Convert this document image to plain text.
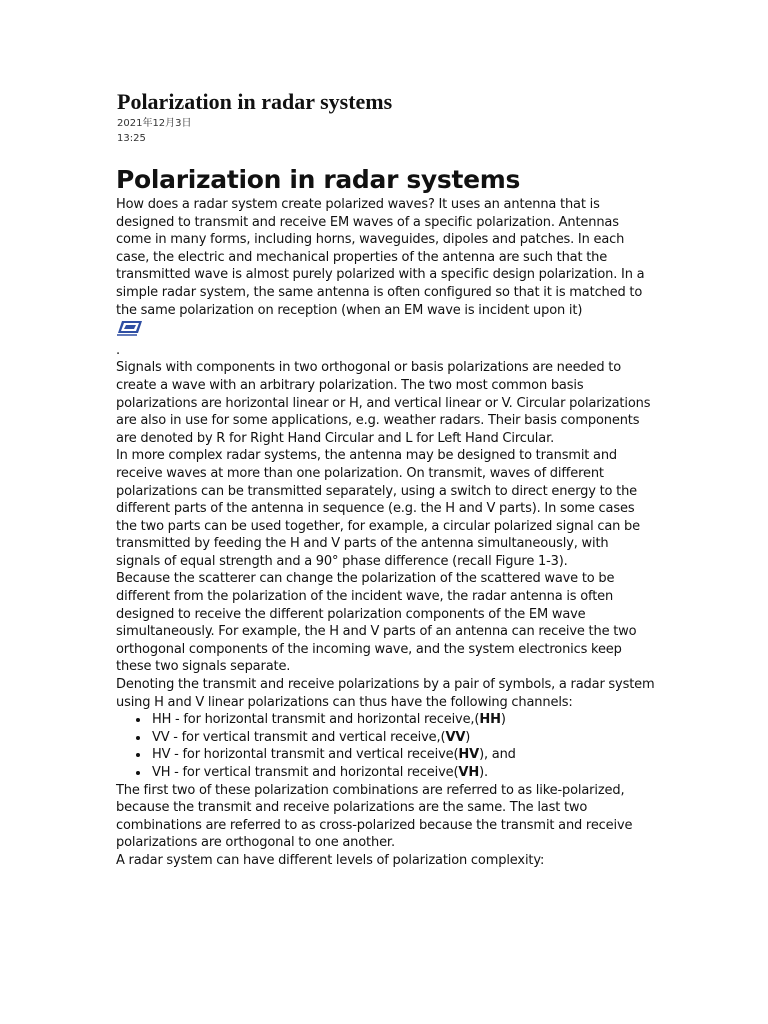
Polarization in radar systems
2021年12月3日
13:25
Polarization in radar systems

How does a radar system create polarized waves? It uses an antenna that is designed to transmit and receive EM waves of a specific polarization. Antennas come in many forms, including horns, waveguides, dipoles and patches. In each case, the electric and mechanical properties of the antenna are such that the transmitted wave is almost purely polarized with a specific design polarization. In a simple radar system, the same antenna is often configured so that it is matched to the same polarization on reception (when an EM wave is incident upon it)

.

Signals with components in two orthogonal or basis polarizations are needed to create a wave with an arbitrary polarization. The two most common basis polarizations are horizontal linear or H, and vertical linear or V. Circular polarizations are also in use for some applications, e.g. weather radars. Their basis components are denoted by R for Right Hand Circular and L for Left Hand Circular.

In more complex radar systems, the antenna may be designed to transmit and receive waves at more than one polarization. On transmit, waves of different polarizations can be transmitted separately, using a switch to direct energy to the different parts of the antenna in sequence (e.g. the H and V parts). In some cases the two parts can be used together, for example, a circular polarized signal can be transmitted by feeding the H and V parts of the antenna simultaneously, with signals of equal strength and a 90° phase difference (recall Figure 1-3).

Because the scatterer can change the polarization of the scattered wave to be different from the polarization of the incident wave, the radar antenna is often designed to receive the different polarization components of the EM wave simultaneously. For example, the H and V parts of an antenna can receive the two orthogonal components of the incoming wave, and the system electronics keep these two signals separate.

Denoting the transmit and receive polarizations by a pair of symbols, a radar system using H and V linear polarizations can thus have the following channels:

• HH - for horizontal transmit and horizontal receive,(HH)
• VV - for vertical transmit and vertical receive,(VV)
• HV - for horizontal transmit and vertical receive(HV), and
• VH - for vertical transmit and horizontal receive(VH).

The first two of these polarization combinations are referred to as like-polarized, because the transmit and receive polarizations are the same. The last two combinations are referred to as cross-polarized because the transmit and receive polarizations are orthogonal to one another.

A radar system can have different levels of polarization complexity:
